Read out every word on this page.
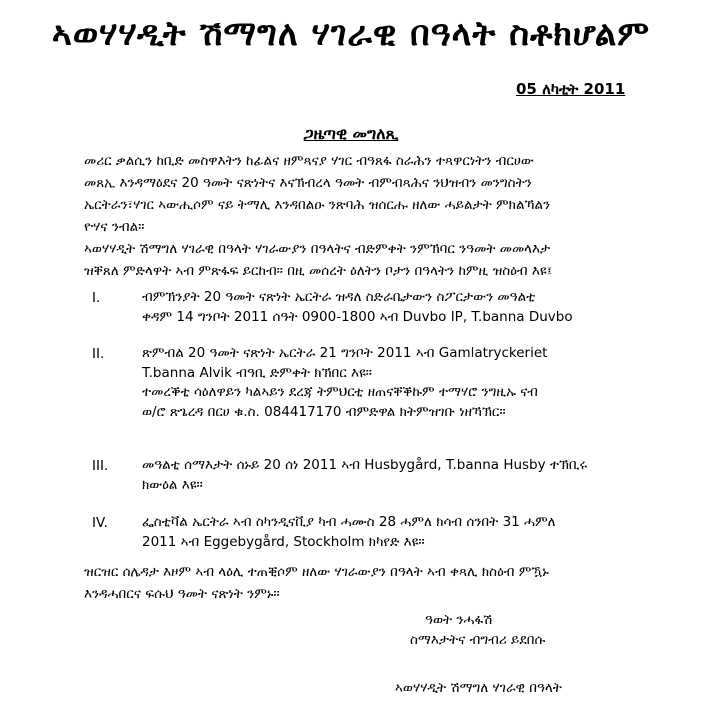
ኣወሃሃዲት ሽማግለ ሃገራዊ በዓላት ስቶክሆልም
05 ለካቲት 2011
ጋዜጣዊ መግለጺ
መሪር ቃልሲን ከቢድ መስዋእትን ከፊልና ዘምጻናያ ሃገር ብዓጸፋ ስራሕን ተጻዋርነትን ብርሀው
መጸኢ እንዳማዕደና 20 ዓመት ናጽነትና እናኽብረላ ዓመት ብምብጻሕና ንህዝብን መንግስትን
ኤርትራን፣ሃገር ኣውሒሶም ናይ ትማሊ እንዳበልዑ ንጽባሕ ዝሰርሑ ዘለው ሓይልታት ምክልኻልን
ዮሃና ንብል።
ኣወሃሃዲት ሽማግለ ሃገራዊ በዓላት ሃገራውያን በዓላትና ብድምቀት ንምኽባር ንዓመት መመላእታ
ዝቐጸለ ምድላዋት ኣብ ምጽፋፍ ይርከብ። በዚ መሰረት ዕለትን ቦታን በዓላትን ከምዚ ዝስዕብ እዩ፤
I.	ብምኽንያት 20 ዓመት ናጽነት ኤርትራ ዝዳለ ስድራቤታውን ስፖርታውን መዓልቲ
ቀዳም 14 ግንቦት 2011 ሰዓት 0900-1800 ኣብ Duvbo IP, T.banna Duvbo
II.	ጽምብል 20 ዓመት ናጽነት ኤርትራ 21 ግንቦት 2011 ኣብ Gamlatryckeriet
T.banna Alvik ብዓቢ ድምቀት ክኽበር እዩ።
ተመረቕቲ ሳዕለዋይን ካልኣይን ደረጃ ትምህርቲ ዘጠናቐቕኩም ተማሃሮ ንግዚኡ ናብ
ወ/ሮ ጽጌረዳ በርሀ ቁ.ስ. 084417170 ብምድዋል ክትምዝገቡ ነዘኻኽር።
III.	መዓልቲ ሰማእታት ሰኑይ 20 ሰነ 2011 ኣብ Husbygård, T.banna Husby ተኽቢሩ
ክውዕል እዩ።
IV.	ፌስቲቫል ኤርትራ ኣብ ስካንዲናቪያ ካብ ሓሙስ 28 ሓምለ ክሳብ ሰንበት 31 ሓምለ
2011 ኣብ Eggebygård, Stockholm ክካየድ እዩ።
ዝርዝር ሰሌዳታ እዞም ኣብ ላዕሊ ተጠቒሶም ዘለው ሃገራውያን በዓላት ኣብ ቀጻሊ ክስዕብ ምዃኑ
እንዳሓበርና ፍሱህ ዓመት ናጽነት ንምኑ።
ዓወት ንሓፋሽ
ስማእታትና ብግብሪ ይደበሱ
ኣወሃሃዲት ሽማግለ ሃገራዊ በዓላት
